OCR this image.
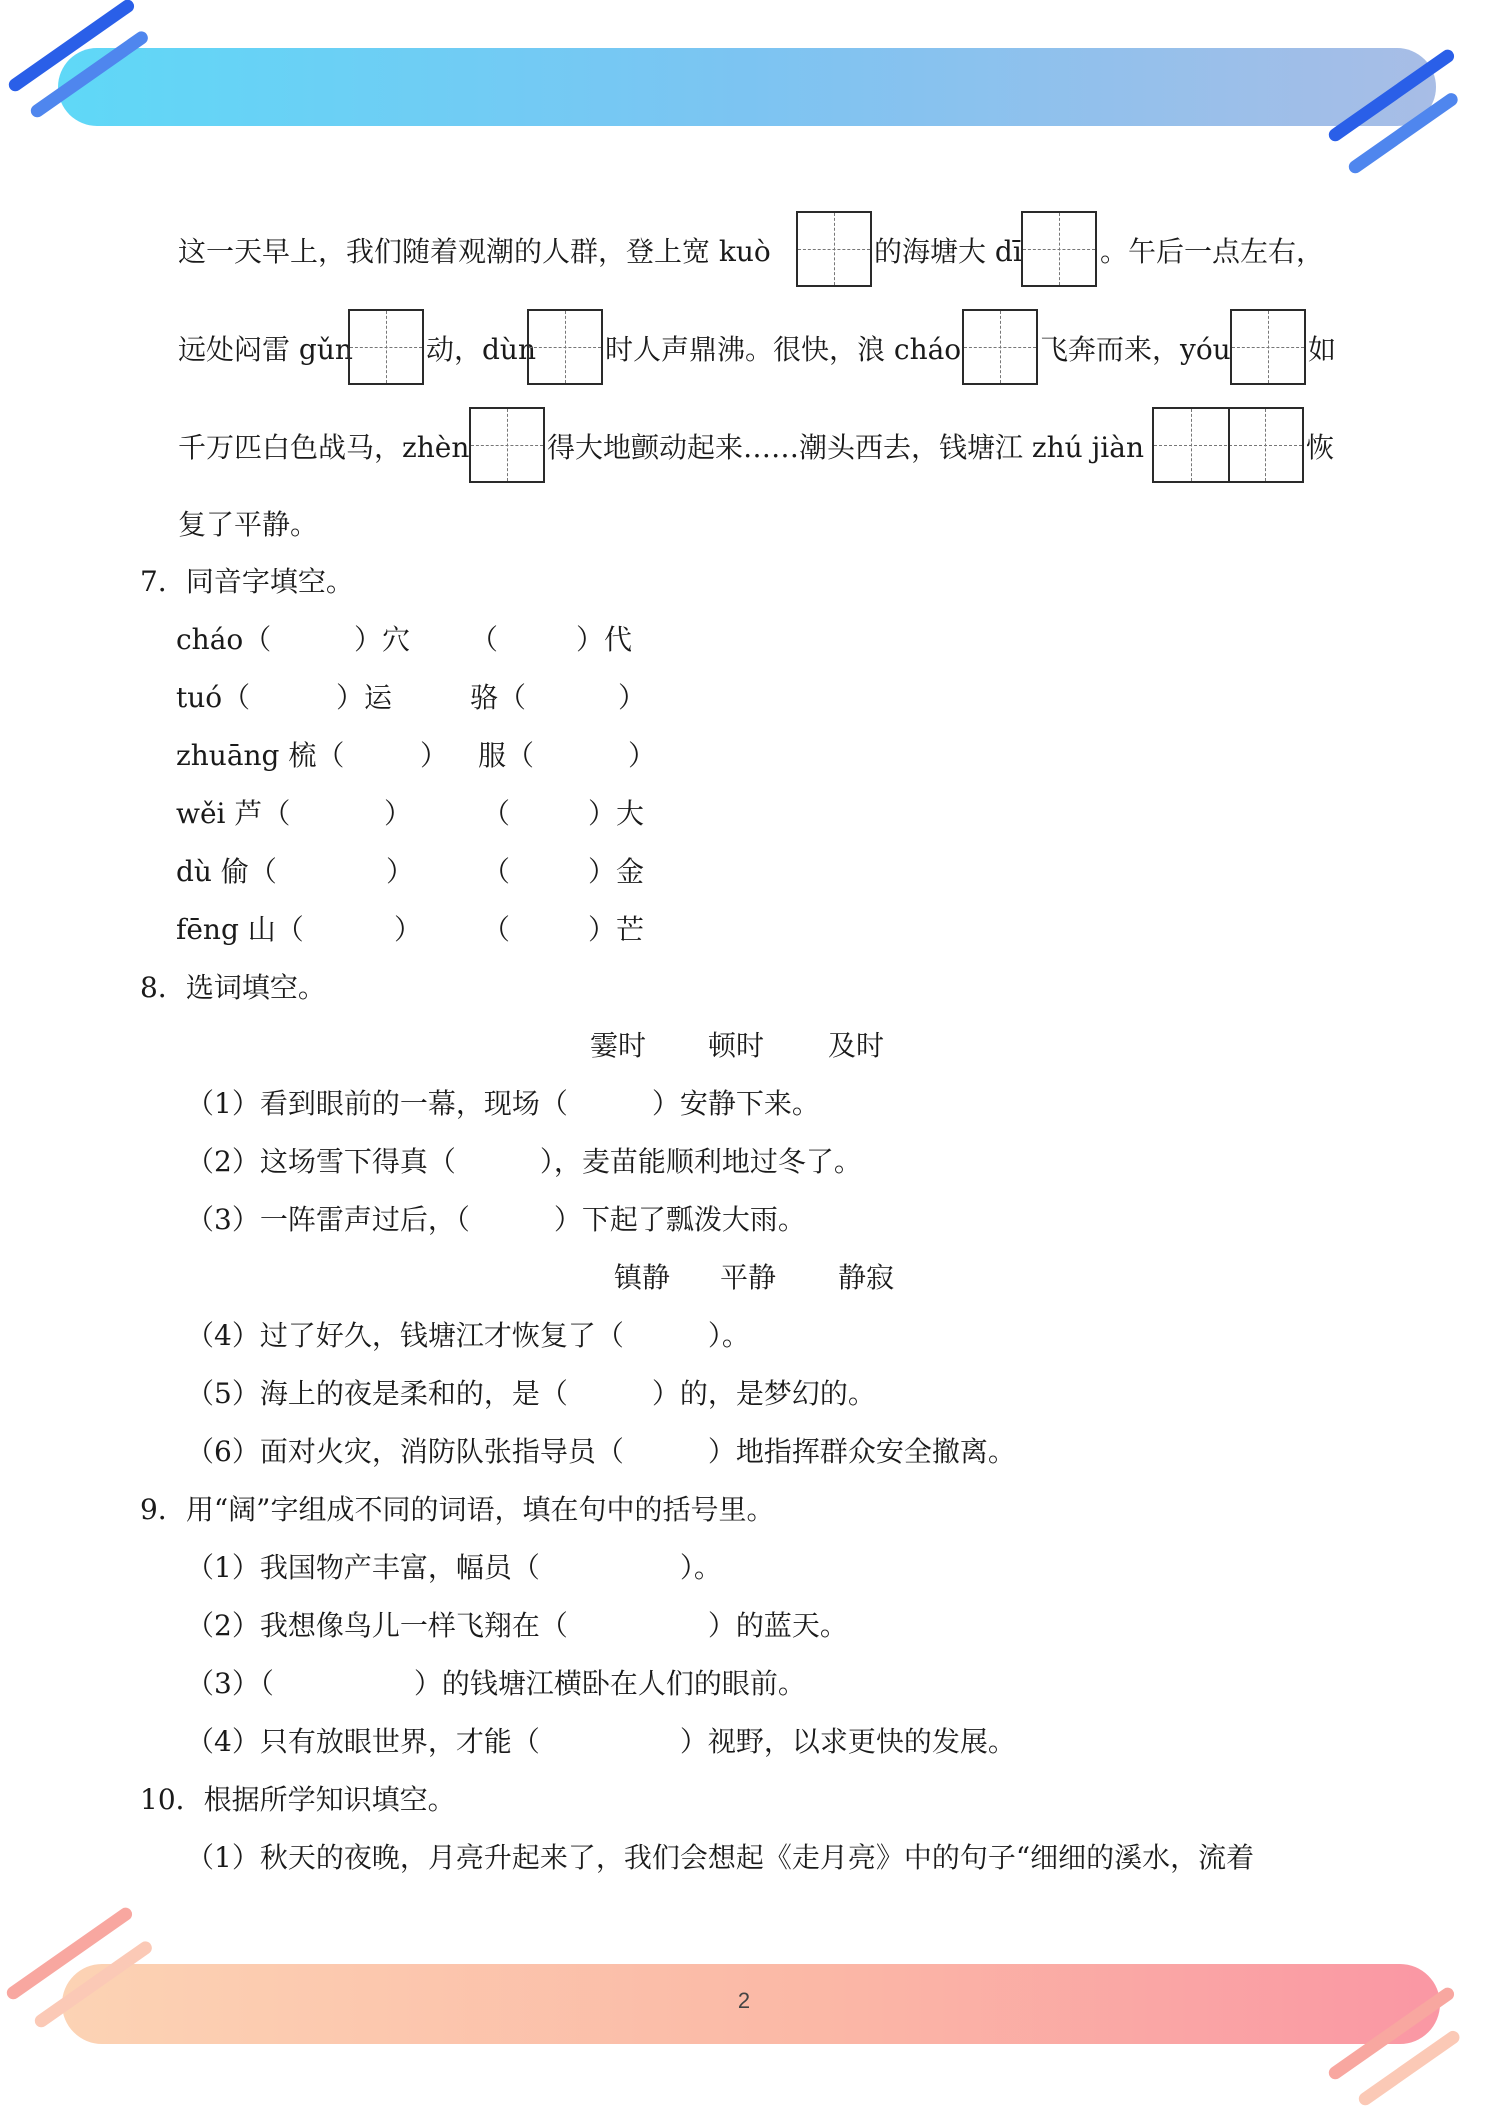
这一天早上，我们随着观潮的人群，登上宽 kuò	的海塘大 dī	。午后一点左右，
远处闷雷 gǔn	动，dùn 时人声鼎沸。很快，浪 cháo	飞奔而来，yóu	如
千万匹白色战马，zhèn	得大地颤动起来……潮头西去，钱塘江 zhú jiàn	恢
复了平静。
7．同音字填空。
cháo（	）穴 （	）代
tuó（	）运	骆（	）
zhuāng 梳（	） 服（	）
wěi 芦（	） （	）大
dù 偷（	） （	）金
fēng 山（	） （	）芒
8．选词填空。
霎时 顿时 及时
（1）看到眼前的一幕，现场（　　　）安静下来。
（2）这场雪下得真（　　　），麦苗能顺利地过冬了。
（3）一阵雷声过后，（　　　）下起了瓢泼大雨。
镇静 平静 静寂
（4）过了好久，钱塘江才恢复了（　　　）。
（5）海上的夜是柔和的，是（　　　）的，是梦幻的。
（6）面对火灾，消防队张指导员（　　　）地指挥群众安全撤离。
9．用“阔”字组成不同的词语，填在句中的括号里。
（1）我国物产丰富，幅员（　　　　　）。
（2）我想像鸟儿一样飞翔在（　　　　　）的蓝天。
（3）（　　　　　）的钱塘江横卧在人们的眼前。
（4）只有放眼世界，才能（　　　　　）视野，以求更快的发展。
10．根据所学知识填空。
（1）秋天的夜晚，月亮升起来了，我们会想起《走月亮》中的句子“细细的溪水，流着
2
